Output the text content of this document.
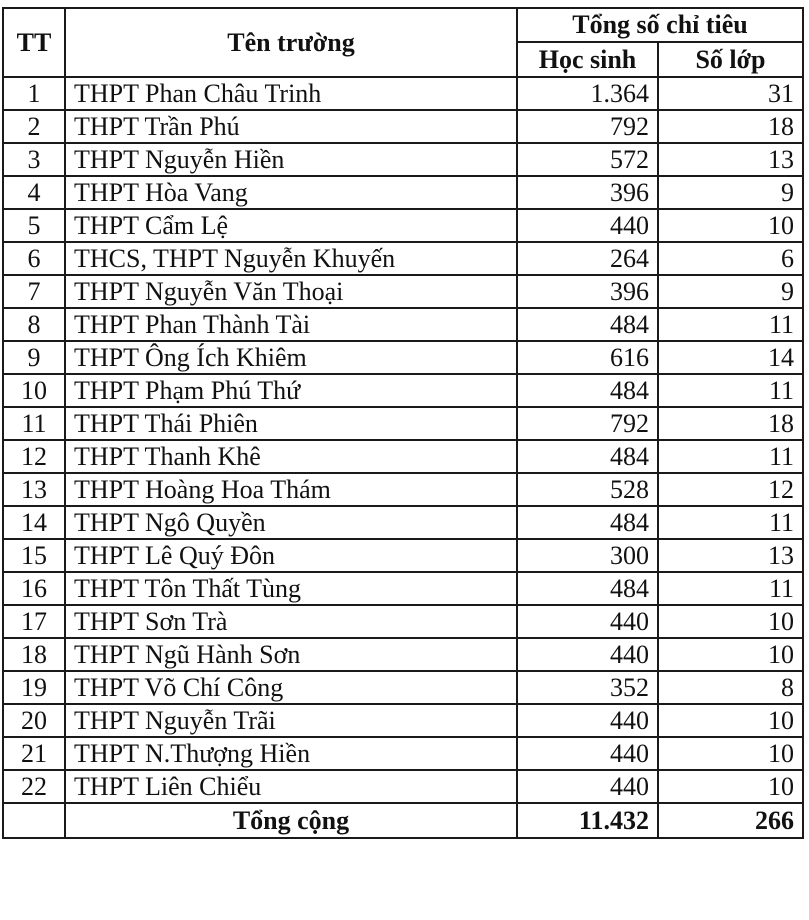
TT	Tên trường	Tổng số chỉ tiêu	
		Học sinh	Số lớp
1	THPT Phan Châu Trinh	1.364	31
2	THPT Trần Phú	792	18
3	THPT Nguyễn Hiền	572	13
4	THPT Hòa Vang	396	9
5	THPT Cẩm Lệ	440	10
6	THCS, THPT Nguyễn Khuyến	264	6
7	THPT Nguyễn Văn Thoại	396	9
8	THPT Phan Thành Tài	484	11
9	THPT Ông Ích Khiêm	616	14
10	THPT Phạm Phú Thứ	484	11
11	THPT Thái Phiên	792	18
12	THPT Thanh Khê	484	11
13	THPT Hoàng Hoa Thám	528	12
14	THPT Ngô Quyền	484	11
15	THPT Lê Quý Đôn	300	13
16	THPT Tôn Thất Tùng	484	11
17	THPT Sơn Trà	440	10
18	THPT Ngũ Hành Sơn	440	10
19	THPT Võ Chí Công	352	8
20	THPT Nguyễn Trãi	440	10
21	THPT N.Thượng Hiền	440	10
22	THPT Liên Chiểu	440	10
	Tổng cộng	11.432	266
